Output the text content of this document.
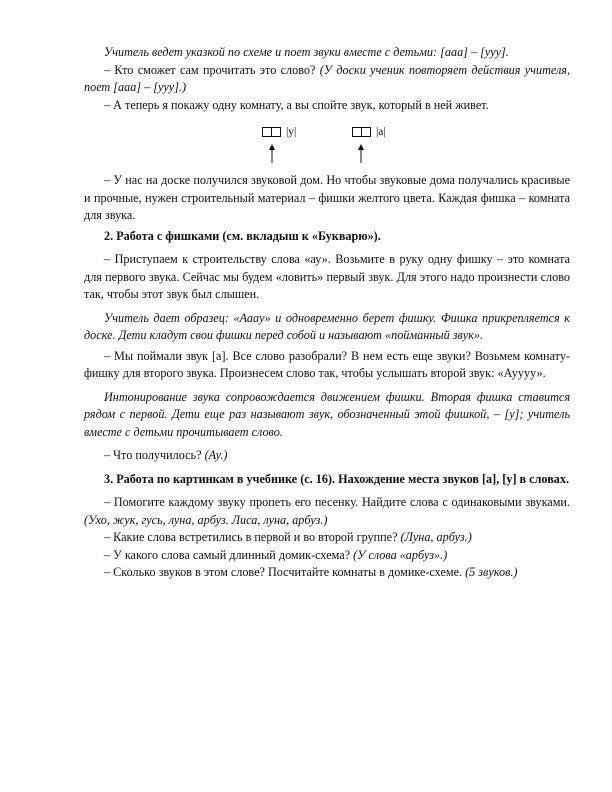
Учитель ведет указкой по схеме и поет звуки вместе с детьми: [ааа] – [ууу].

– Кто сможет сам прочитать это слово? (У доски ученик повторяет действия учителя, поет [ааа] – [ууу].)

– А теперь я покажу одну комнату, а вы спойте звук, который в ней живет.

|у|	|a|

– У нас на доске получился звуковой дом. Но чтобы звуковые дома получались красивые и прочные, нужен строительный материал – фишки желтого цвета. Каждая фишка – комната для звука.

2. Работа с фишками (см. вкладыш к «Букварю»).

– Приступаем к строительству слова «ау». Возьмите в руку одну фишку – это комната для первого звука. Сейчас мы будем «ловить» первый звук. Для этого надо произнести слово так, чтобы этот звук был слышен.

Учитель дает образец: «Аааy» и одновременно берет фишку. Фишка прикрепляется к доске. Дети кладут свои фишки перед собой и называют «пойманный звук».

– Мы поймали звук [а]. Все слово разобрали? В нем есть еще звуки? Возьмем комнату-фишку для второго звука. Произнесем слово так, чтобы услышать второй звук: «Ауууу».

Интонирование звука сопровождается движением фишки. Вторая фишка ставится рядом с первой. Дети еще раз называют звук, обозначенный этой фишкой, – [у]; учитель вместе с детьми прочитывает слово.

– Что получилось? (Ау.)

3. Работа по картинкам в учебнике (с. 16). Нахождение места звуков [а], [у] в словах.

– Помогите каждому звуку пропеть его песенку. Найдите слова с одинаковыми звуками. (Ухо, жук, гусь, луна, арбуз. Лиса, луна, арбуз.)

– Какие слова встретились в первой и во второй группе? (Луна, арбуз.)

– У какого слова самый длинный домик-схема? (У слова «арбуз».)

– Сколько звуков в этом слове? Посчитайте комнаты в домике-схеме. (5 звуков.)
